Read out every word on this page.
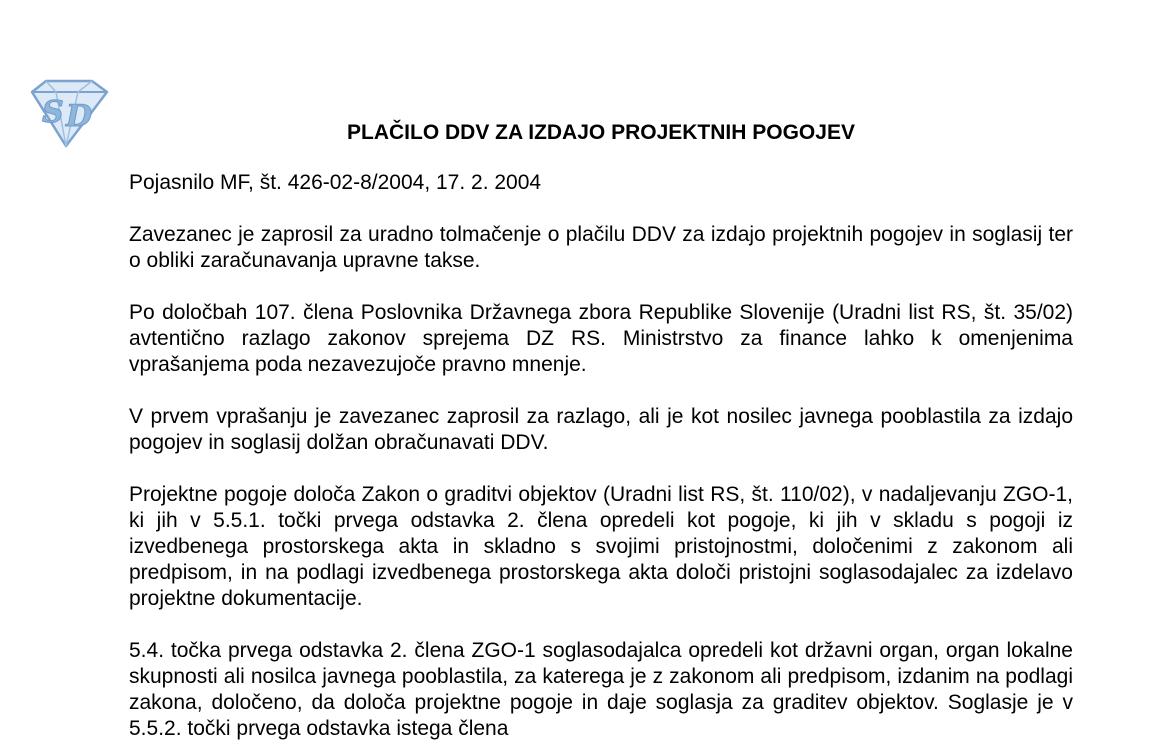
S D	PLAČILO DDV ZA IZDAJO PROJEKTNIH POGOJEV

Pojasnilo MF, št. 426-02-8/2004, 17. 2. 2004

Zavezanec je zaprosil za uradno tolmačenje o plačilu DDV za izdajo projektnih pogojev in soglasij ter o obliki zaračunavanja upravne takse.

Po določbah 107. člena Poslovnika Državnega zbora Republike Slovenije (Uradni list RS, št. 35/02) avtentično razlago zakonov sprejema DZ RS. Ministrstvo za finance lahko k omenjenima vprašanjema poda nezavezujoče pravno mnenje.

V prvem vprašanju je zavezanec zaprosil za razlago, ali je kot nosilec javnega pooblastila za izdajo pogojev in soglasij dolžan obračunavati DDV.

Projektne pogoje določa Zakon o graditvi objektov (Uradni list RS, št. 110/02), v nadaljevanju ZGO-1, ki jih v 5.5.1. točki prvega odstavka 2. člena opredeli kot pogoje, ki jih v skladu s pogoji iz izvedbenega prostorskega akta in skladno s svojimi pristojnostmi, določenimi z zakonom ali predpisom, in na podlagi izvedbenega prostorskega akta določi pristojni soglasodajalec za izdelavo projektne dokumentacije.

5.4. točka prvega odstavka 2. člena ZGO-1 soglasodajalca opredeli kot državni organ, organ lokalne skupnosti ali nosilca javnega pooblastila, za katerega je z zakonom ali predpisom, izdanim na podlagi zakona, določeno, da določa projektne pogoje in daje soglasja za graditev objektov. Soglasje je v 5.5.2. točki prvega odstavka istega člena
